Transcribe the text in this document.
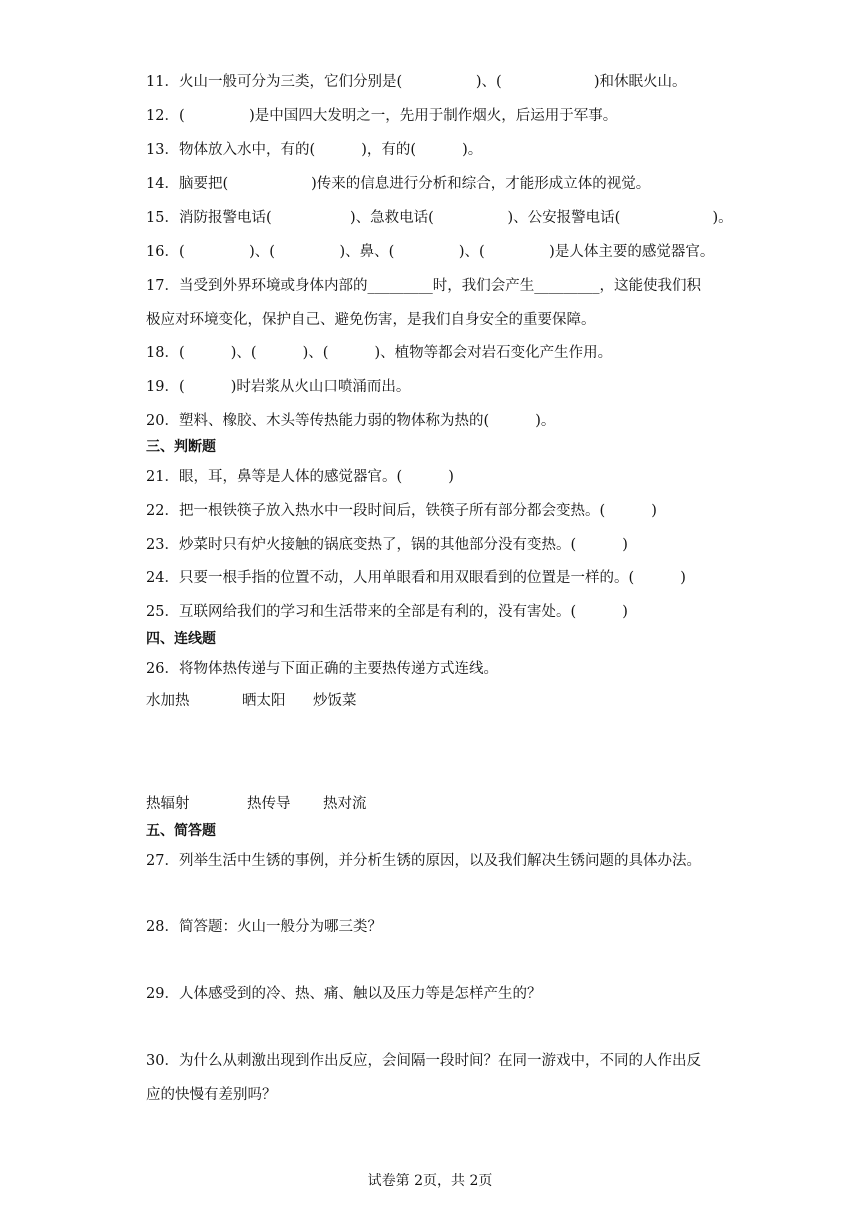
11．火山一般可分为三类，它们分别是(                )、(                    )和休眠火山。
12．(              )是中国四大发明之一，先用于制作烟火，后运用于军事。
13．物体放入水中，有的(          )，有的(          )。
14．脑要把(                  )传来的信息进行分析和综合，才能形成立体的视觉。
15．消防报警电话(                 )、急救电话(                )、公安报警电话(                    )。
16．(              )、(              )、鼻、(              )、(              )是人体主要的感觉器官。
17．当受到外界环境或身体内部的_________时，我们会产生_________，这能使我们积
极应对环境变化，保护自己、避免伤害，是我们自身安全的重要保障。
18．(          )、(          )、(          )、植物等都会对岩石变化产生作用。
19．(          )时岩浆从火山口喷涌而出。
20．塑料、橡胶、木头等传热能力弱的物体称为热的(          )。
三、判断题
21．眼，耳，鼻等是人体的感觉器官。(          )
22．把一根铁筷子放入热水中一段时间后，铁筷子所有部分都会变热。(          )
23．炒菜时只有炉火接触的锅底变热了，锅的其他部分没有变热。(          )
24．只要一根手指的位置不动，人用单眼看和用双眼看到的位置是一样的。(          )
25．互联网给我们的学习和生活带来的全部是有利的，没有害处。(          )
四、连线题
26．将物体热传递与下面正确的主要热传递方式连线。
水加热	晒太阳 炒饭菜
热辐射	热传导 热对流
五、简答题
27．列举生活中生锈的事例，并分析生锈的原因，以及我们解决生锈问题的具体办法。
28．简答题：火山一般分为哪三类？
29．人体感受到的冷、热、痛、触以及压力等是怎样产生的？
30．为什么从刺激出现到作出反应，会间隔一段时间？在同一游戏中，不同的人作出反
应的快慢有差别吗？
试卷第 2页，共 2页
